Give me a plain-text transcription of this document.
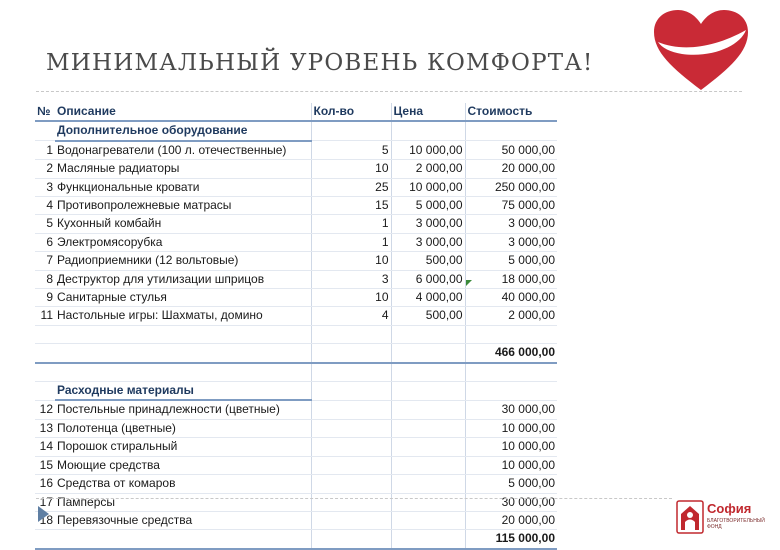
МИНИМАЛЬНЫЙ УРОВЕНЬ КОМФОРТА!
№	Описание	Кол-во	Цена	Стоимость
	Дополнительное оборудование			
1	Водонагреватели (100 л. отечественные)	5	10 000,00	50 000,00
2	Масляные радиаторы	10	2 000,00	20 000,00
3	Функциональные кровати	25	10 000,00	250 000,00
4	Противопролежневые матрасы	15	5 000,00	75 000,00
5	Кухонный комбайн	1	3 000,00	3 000,00
6	Электромясорубка	1	3 000,00	3 000,00
7	Радиоприемники (12 вольтовые)	10	500,00	5 000,00
8	Деструктор для утилизации шприцов	3	6 000,00	18 000,00
9	Санитарные стулья	10	4 000,00	40 000,00
11	Настольные игры: Шахматы, домино	4	500,00	2 000,00

				466 000,00

	Расходные материалы			
12	Постельные принадлежности (цветные)			30 000,00
13	Полотенца (цветные)			10 000,00
14	Порошок стиральный			10 000,00
15	Моющие средства			10 000,00
16	Средства от комаров			5 000,00
17	Памперсы			30 000,00
18	Перевязочные средства			20 000,00
				115 000,00
София
БЛАГОТВОРИТЕЛЬНЫЙ ФОНД
